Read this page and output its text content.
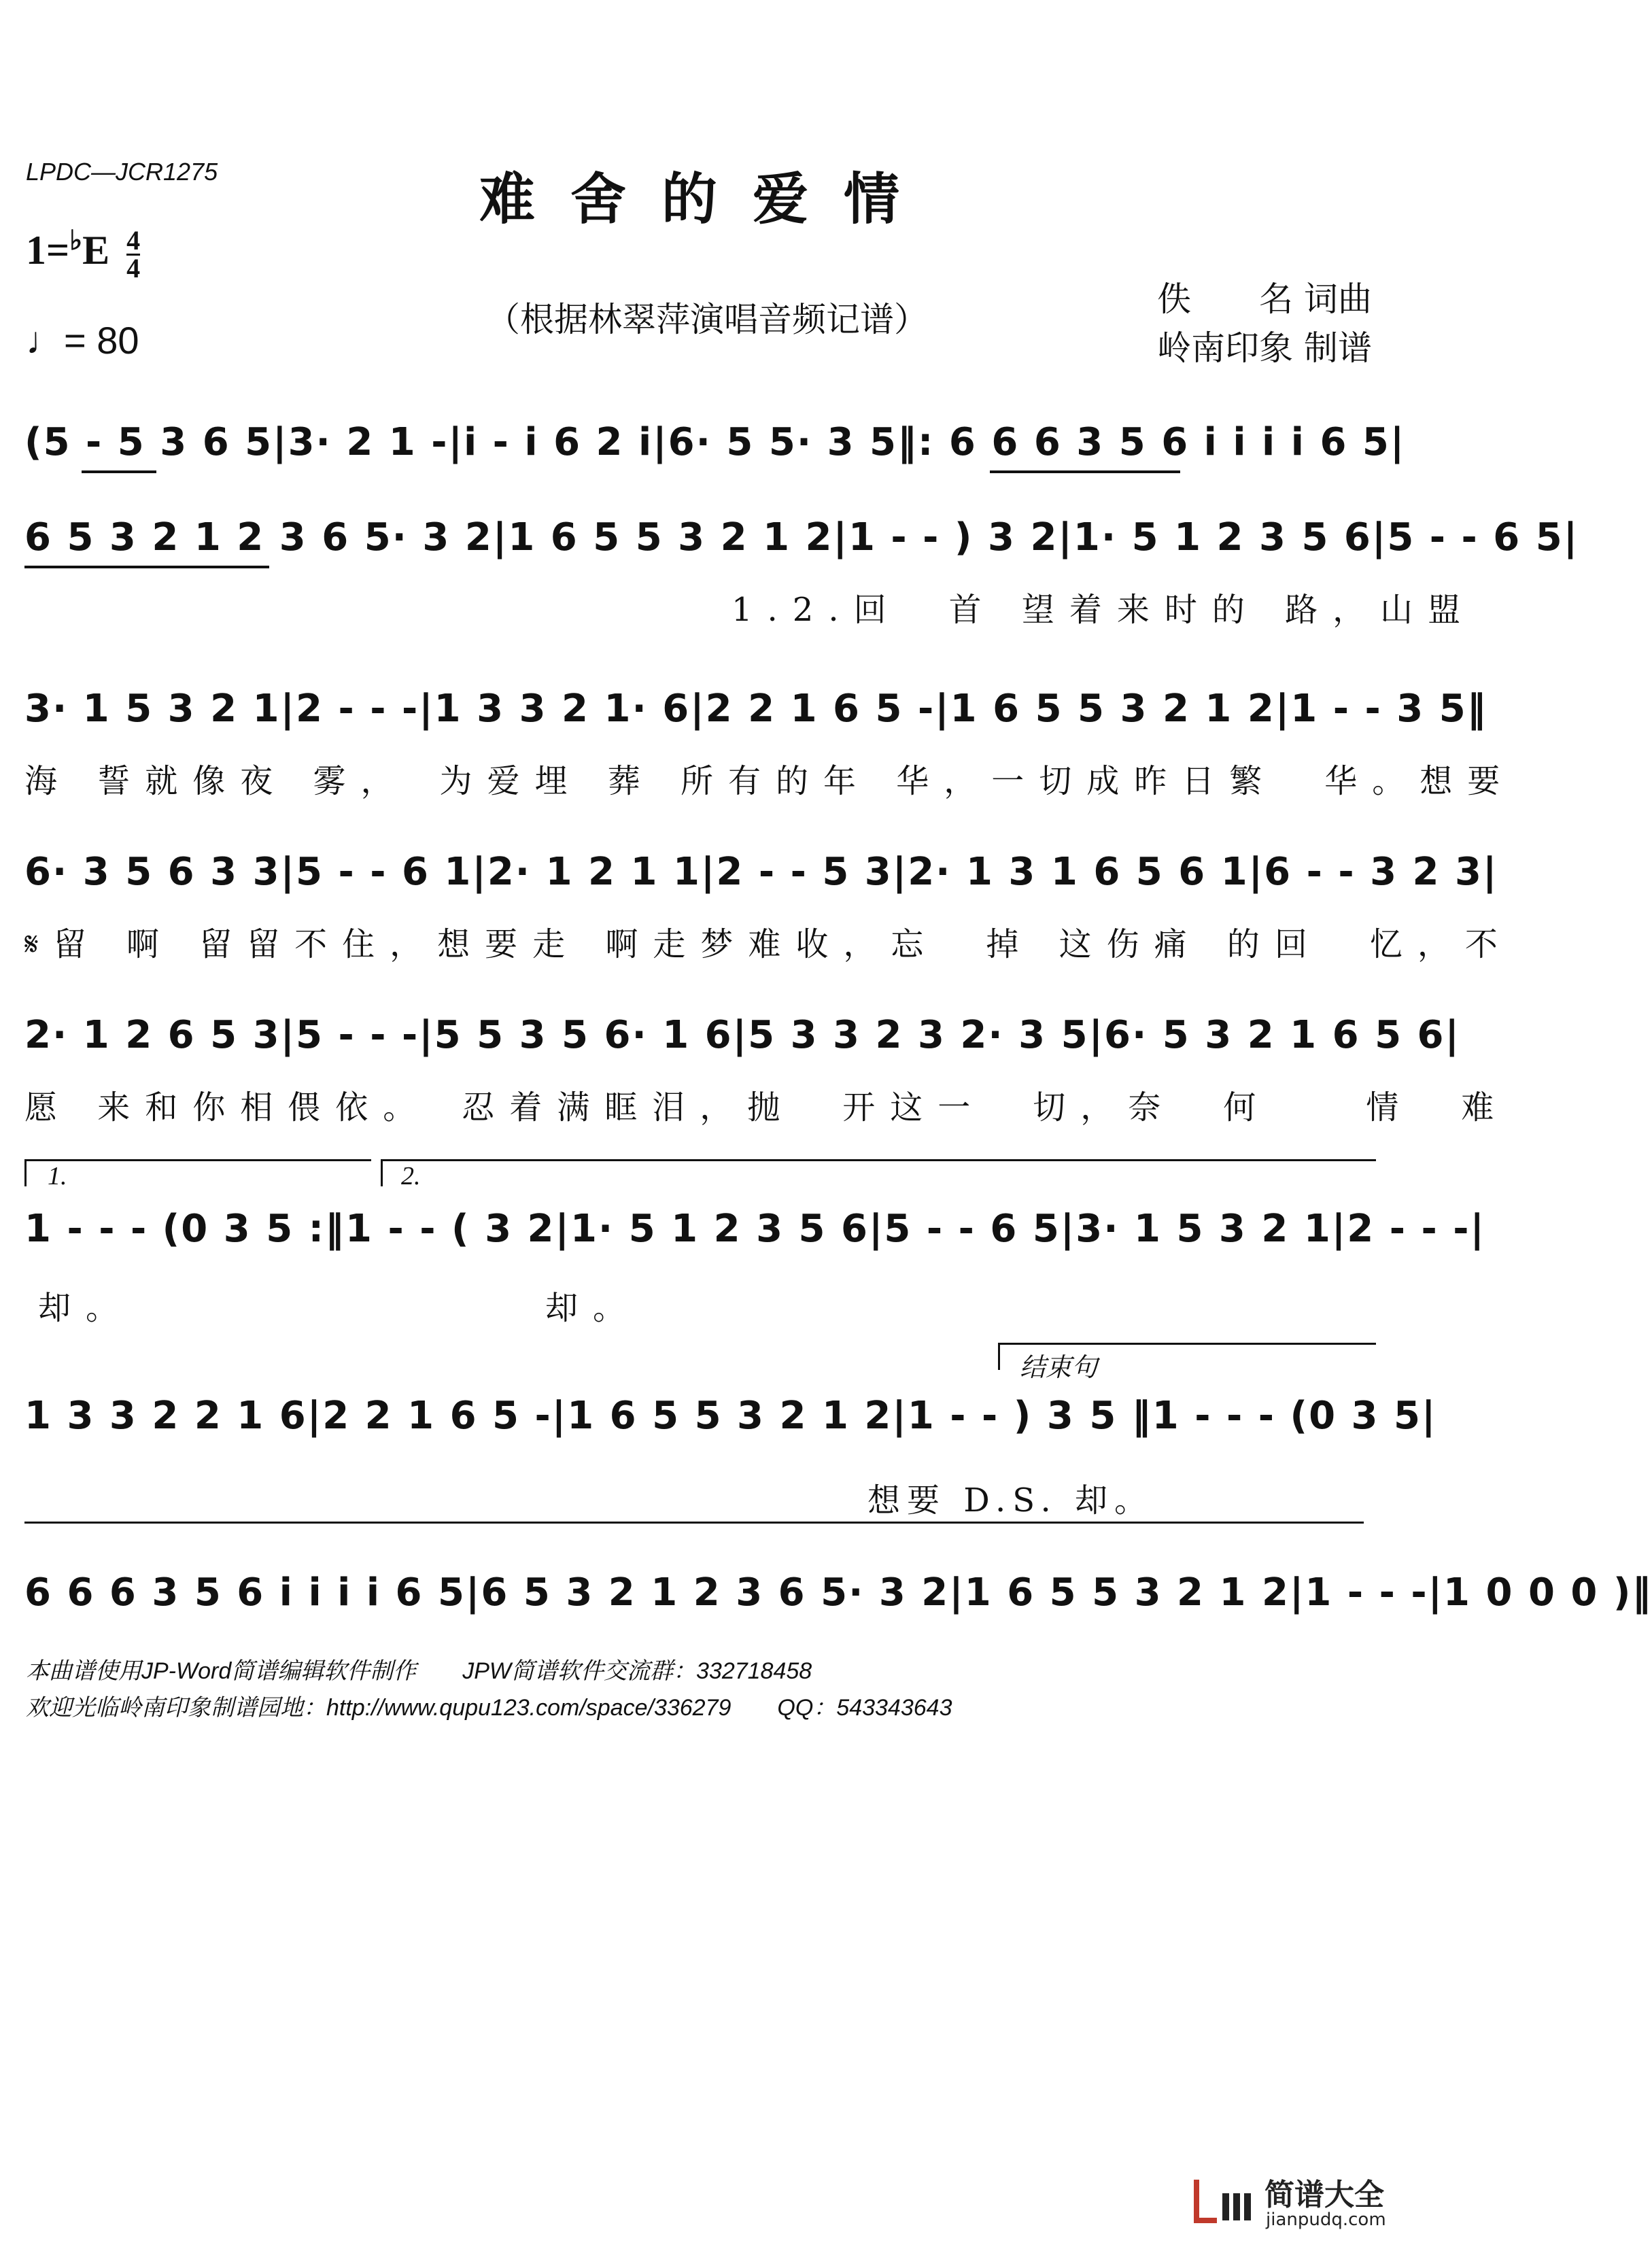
LPDC—JCR1275	难舍的爱情
$1=^♭E \frac{4}{4}$
♩= 80	（根据林翠萍演唱音频记谱）
佚　　名 词曲
岭南印象 制谱
(5 - 5 3 6 5 | 3· 2 1 - | i - i 6 2 i | 6· 5 5· 3 5 ‖: 6 6 6 3 5 6 i i i i 6 5 |
6 5 3 2 1 2 3 6 5· 3 2 | 1 6 5 5 3 2 1 2 | 1 - - ) 3 2 | 1· 5 1 2 3 5 6 | 5 - - 6 5 |
1.2.回　首 望着来时的 路，山盟
3· 1 5 3 2 1 | 2 - - - | 1 3 3 2 1· 6 | 2 2 1 6 5 - | 1 6 5 5 3 2 1 2 | 1 - - 3 5 ‖
海 誓就像夜 雾，　为爱埋 葬 所有的年 华，一切成昨日繁　华。想要
6· 3 5 6 3 3 | 5 - - 6 1 | 2· 1 2 1 1 | 2 - - 5 3 | 2· 1 3 1 6 5 6 1 | 6 - - 3 2 3 |
𝄋留 啊 留留不住，想要走 啊走梦难收，忘　掉 这伤痛 的回　忆，不
2· 1 2 6 5 3 | 5 - - - | 5 5 3 5 6· 1 6 | 5 3 3 2 3 2· 3 5 | 6· 5 3 2 1 6 5 6 |
愿 来和你相偎依。　忍着满眶泪，抛　开这一　切，奈　何　　情　难
1.	2.
1 - - - (0 3 5 :‖ 1 - - ( 3 2 | 1· 5 1 2 3 5 6 | 5 - - 6 5 | 3· 1 5 3 2 1 | 2 - - - |
却。　　　　　　　　　却。
结束句
1 3 3 2 2 1 6 | 2 2 1 6 5 - | 1 6 5 5 3 2 1 2 | 1 - - ) 3 5 ‖ 1 - - - (0 3 5 |
想要 D.S. 却。
6 6 6 3 5 6 i i i i 6 5 | 6 5 3 2 1 2 3 6 5· 3 2 | 1 6 5 5 3 2 1 2 | 1 - - - | 1 0 0 0 )‖
本曲谱使用JP-Word简谱编辑软件制作　　JPW简谱软件交流群：332718458
欢迎光临岭南印象制谱园地：http://www.qupu123.com/space/336279　　QQ：543343643
简谱大全
jianpudq.com
